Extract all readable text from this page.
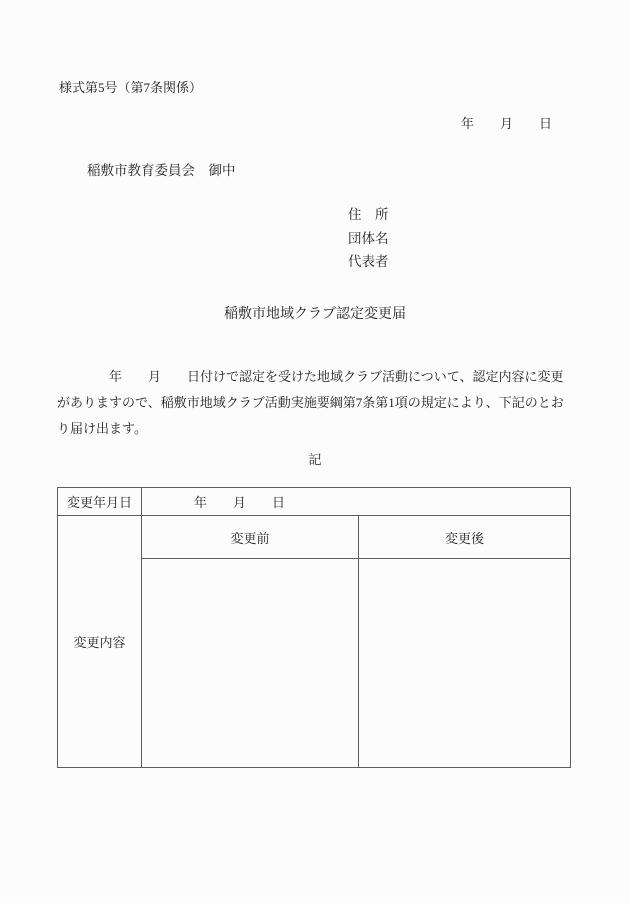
様式第5号（第7条関係）
年　　月　　日
稲敷市教育委員会　御中
住　所
団体名
代表者
稲敷市地域クラブ認定変更届
　　　　年　　月　　日付けで認定を受けた地域クラブ活動について、認定内容に変更
がありますので、稲敷市地域クラブ活動実施要綱第7条第1項の規定により、下記のとお
り届け出ます。
記
変更年月日	年　　月　　日
変更内容
変更前	変更後
